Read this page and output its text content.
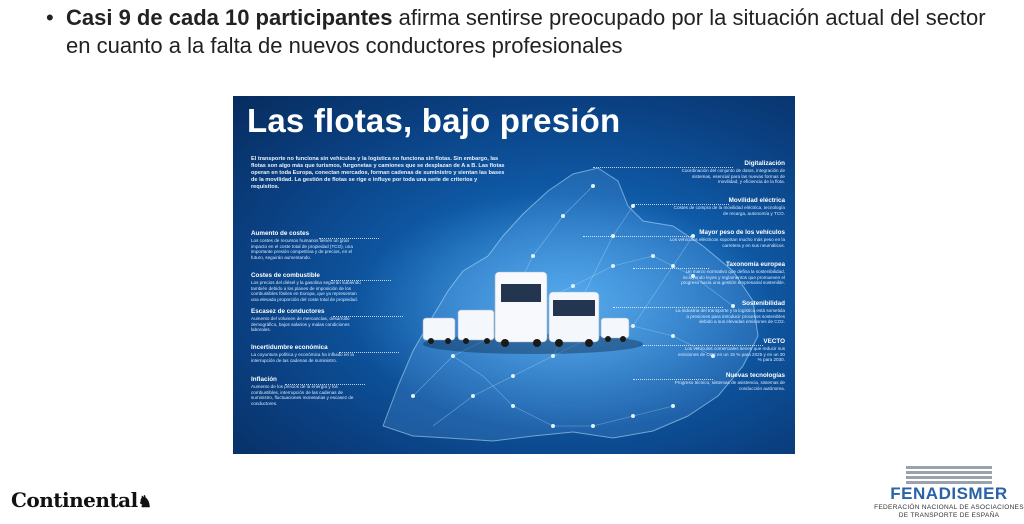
• Casi 9 de cada 10 participantes afirma sentirse preocupado por la situación actual del sector en cuanto a la falta de nuevos conductores profesionales
Las flotas, bajo presión
El transporte no funciona sin vehículos y la logística no funciona sin flotas. Sin embargo, las flotas son algo más que turismos, furgonetas y camiones que se desplazan de A a B. Las flotas operan en toda Europa, conectan mercados, forman cadenas de suministro y sientan las bases de la movilidad. La gestión de flotas se rige e influye por toda una serie de criterios y requisitos.
Aumento de costes
Los costes de recursos humanos tienen un gran impacto en el coste total de propiedad (TCO), una importante presión competitiva y de precios, en el futuro, seguirán aumentando.
Costes de combustible
Los precios del diésel y la gasolina seguirán subiendo también debido a los planes de imposición de los combustibles fósiles en Europa, que ya representan una elevada proporción del coste total de propiedad.
Escasez de conductores
Aumento del volumen de mercancías, desarrollo demográfico, bajos salarios y malas condiciones laborales.
Incertidumbre económica
La coyuntura política y económica ha influido en la interrupción de las cadenas de suministro.
Inflación
Aumento de los precios de la energía y los combustibles, interrupción de las cadenas de suministro, fluctuaciones monetarias y escasez de conductores.
Digitalización
Coordinación del conjunto de datos, integración de sistemas, esencial para las nuevas formas de movilidad, y eficiencia de la flota.
Movilidad eléctrica
Costes de compra de la movilidad eléctrica, tecnología de recarga, autonomía y TCO.
Mayor peso de los vehículos
Los vehículos eléctricos soportan mucho más peso en la carretera y en sus neumáticos.
Taxonomía europea
Un marco normativo que defina la sostenibilidad, incluyendo leyes y reglamentos que promueven el progreso hacia una gestión empresarial sostenible.
Sostenibilidad
La industria del transporte y la logística está sometida a presiones para introducir procesos sostenibles debido a sus elevadas emisiones de CO2.
VECTO
Los vehículos comerciales tienen que reducir sus emisiones de CO2 en un 15 % para 2025 y en un 30 % para 2030.
Nuevas tecnologías
Progreso técnico, sistemas de asistencia, sistemas de conducción autónoma.
Continental♞	FENADISMER
FEDERACIÓN NACIONAL DE ASOCIACIONES
DE TRANSPORTE DE ESPAÑA
